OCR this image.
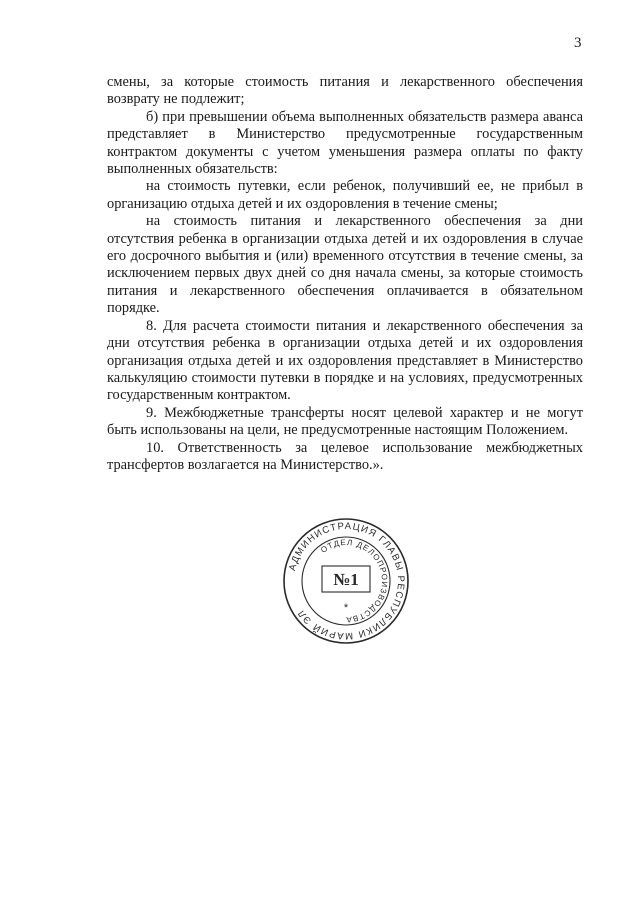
3

смены, за которые стоимость питания и лекарственного обеспечения возврату не подлежит;

б) при превышении объема выполненных обязательств размера аванса представляет в Министерство предусмотренные государственным контрактом документы с учетом уменьшения размера оплаты по факту выполненных обязательств:

на стоимость путевки, если ребенок, получивший ее, не прибыл в организацию отдыха детей и их оздоровления в течение смены;

на стоимость питания и лекарственного обеспечения за дни отсутствия ребенка в организации отдыха детей и их оздоровления в случае его досрочного выбытия и (или) временного отсутствия в течение смены, за исключением первых двух дней со дня начала смены, за которые стоимость питания и лекарственного обеспечения оплачивается в обязательном порядке.

8. Для расчета стоимости питания и лекарственного обеспечения за дни отсутствия ребенка в организации отдыха детей и их оздоровления организация отдыха детей и их оздоровления представляет в Министерство калькуляцию стоимости путевки в порядке и на условиях, предусмотренных государственным контрактом.

9. Межбюджетные трансферты носят целевой характер и не могут быть использованы на цели, не предусмотренные настоящим Положением.

10. Ответственность за целевое использование межбюджетных трансфертов возлагается на Министерство.».

АДМИНИСТРАЦИЯ ГЛАВЫ РЕСПУБЛИКИ МАРИЙ ЭЛ
ОТДЕЛ ДЕЛОПРОИЗВОДСТВА
№1
*
